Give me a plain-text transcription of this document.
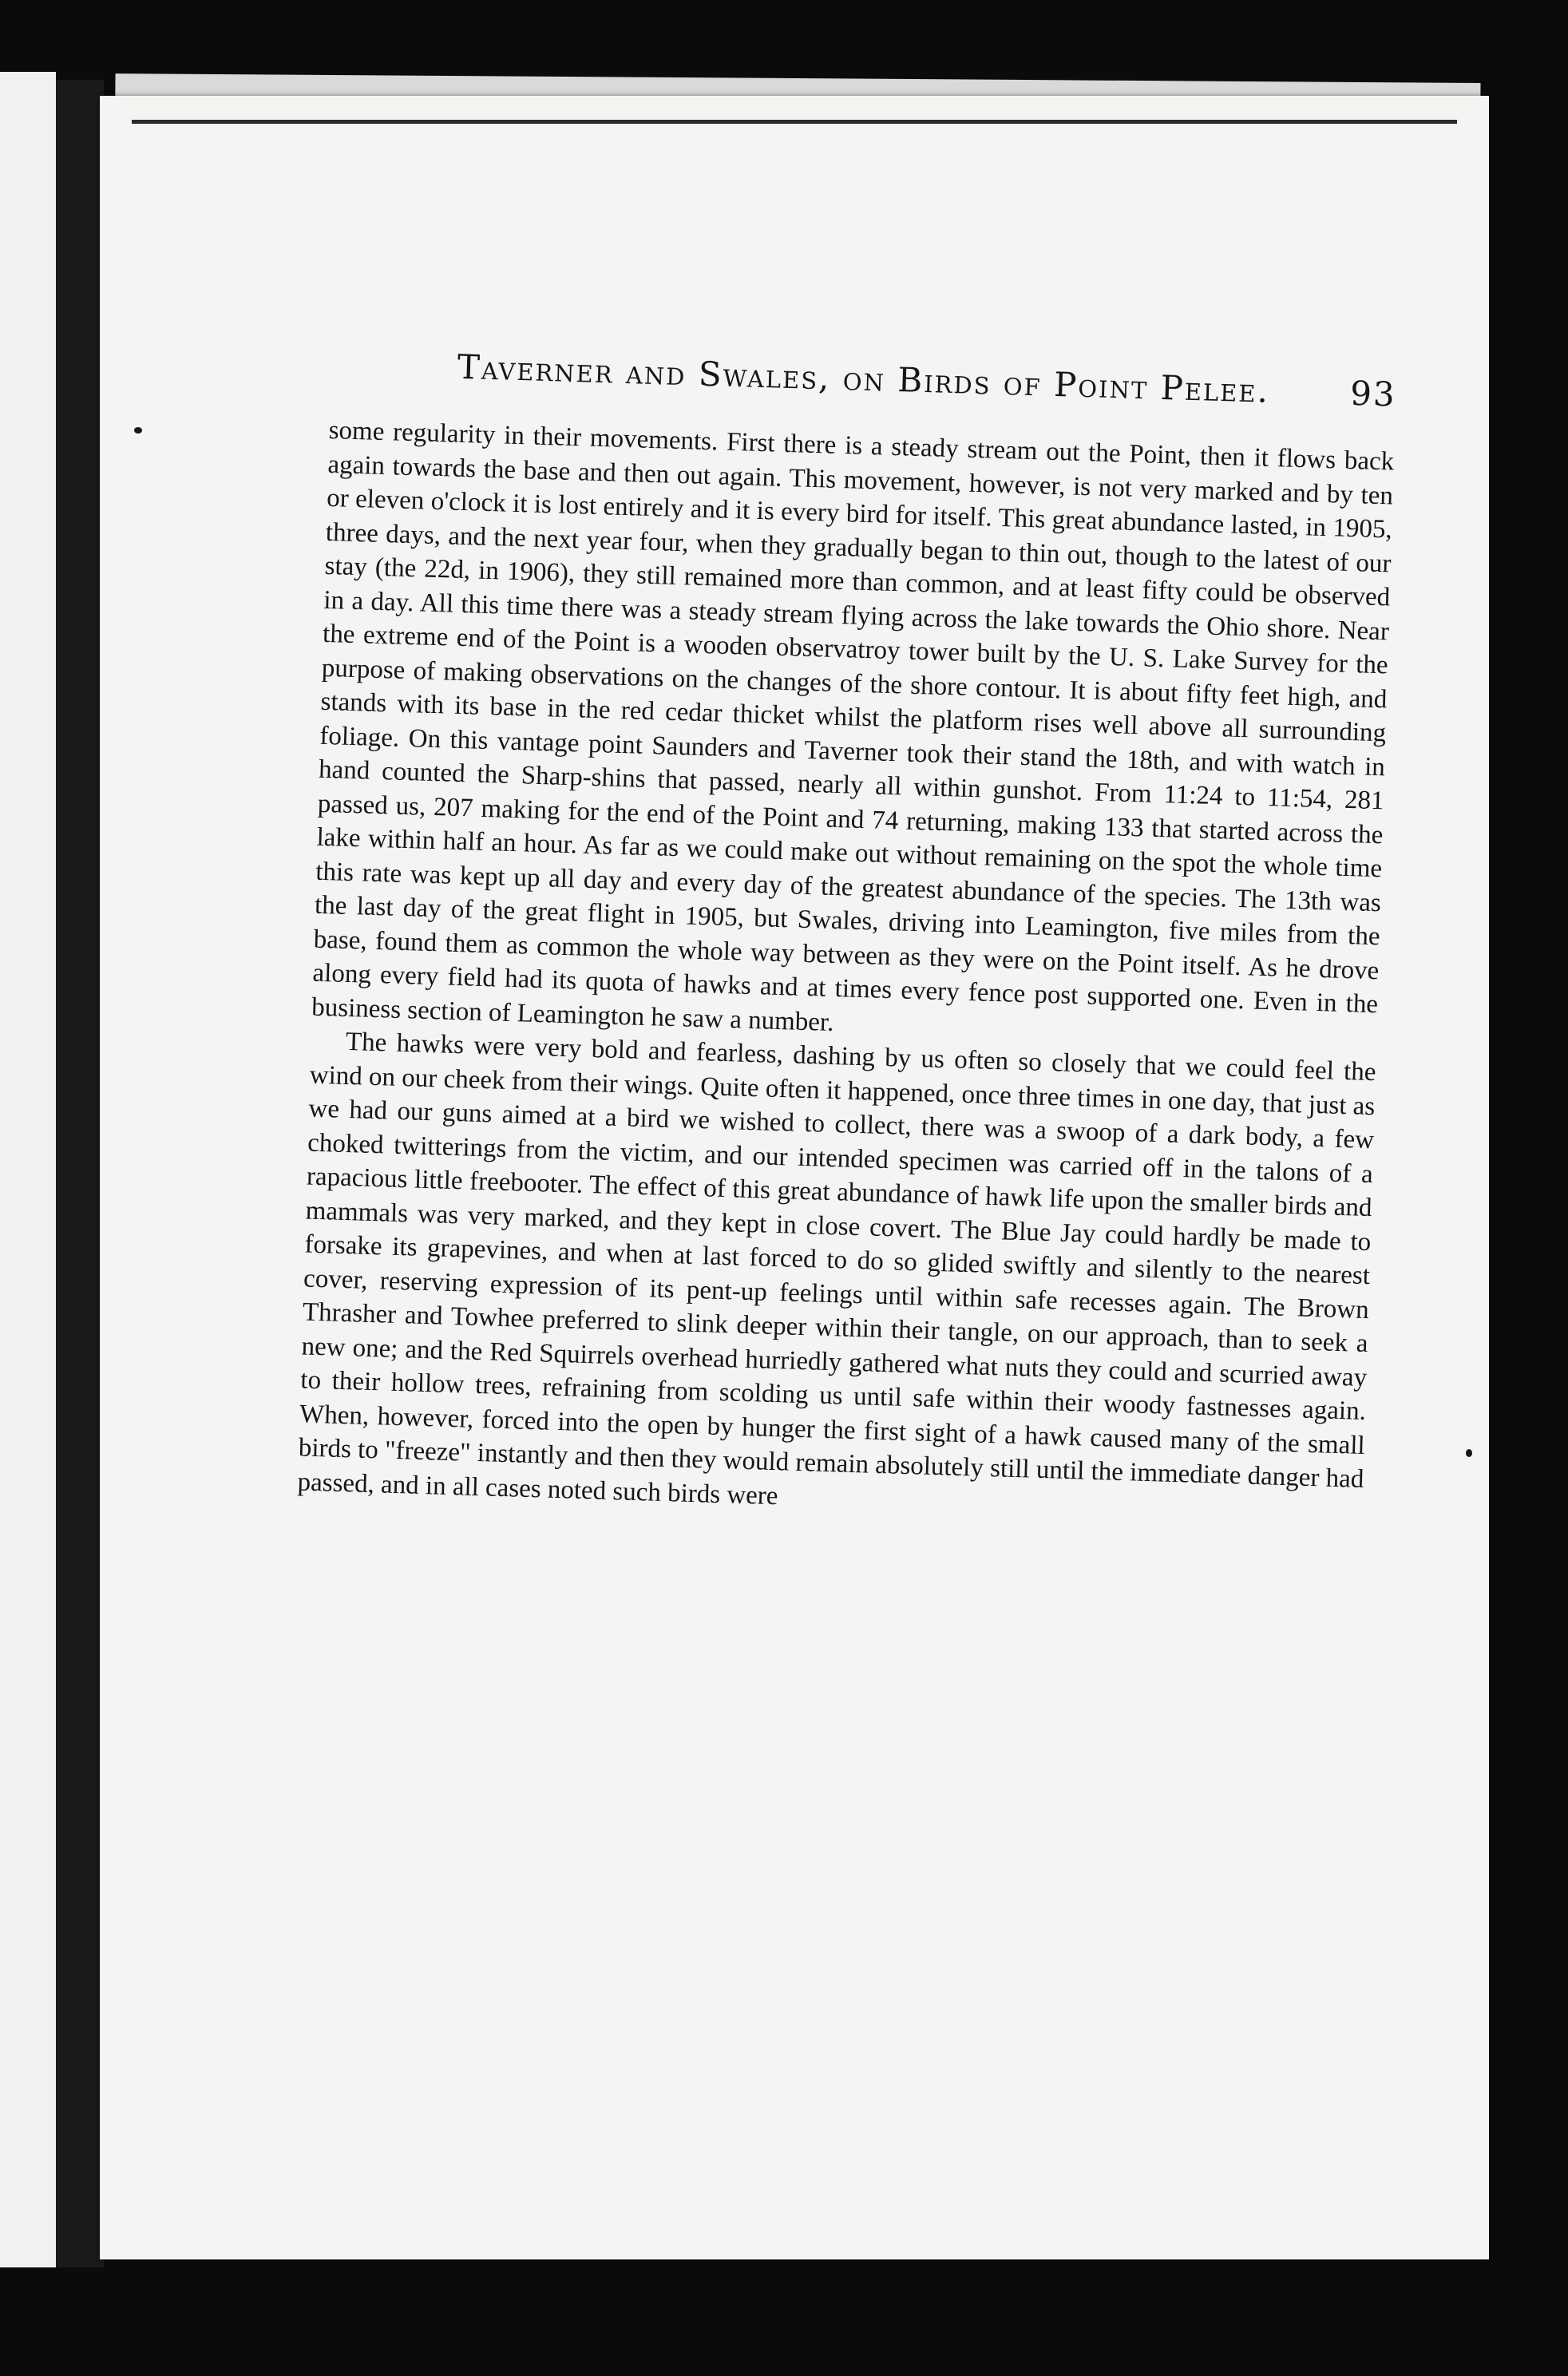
Taverner and Swales, on Birds of Point Pelee. 93

some regularity in their movements. First there is a steady stream out the Point, then it flows back again towards the base and then out again. This movement, however, is not very marked and by ten or eleven o'clock it is lost entirely and it is every bird for itself. This great abundance lasted, in 1905, three days, and the next year four, when they gradually began to thin out, though to the latest of our stay (the 22d, in 1906), they still remained more than common, and at least fifty could be observed in a day. All this time there was a steady stream flying across the lake towards the Ohio shore. Near the extreme end of the Point is a wooden observatroy tower built by the U. S. Lake Survey for the purpose of making observations on the changes of the shore contour. It is about fifty feet high, and stands with its base in the red cedar thicket whilst the platform rises well above all surrounding foliage. On this vantage point Saunders and Taverner took their stand the 18th, and with watch in hand counted the Sharp-shins that passed, nearly all within gunshot. From 11:24 to 11:54, 281 passed us, 207 making for the end of the Point and 74 returning, making 133 that started across the lake within half an hour. As far as we could make out without remaining on the spot the whole time this rate was kept up all day and every day of the greatest abundance of the species. The 13th was the last day of the great flight in 1905, but Swales, driving into Leamington, five miles from the base, found them as common the whole way between as they were on the Point itself. As he drove along every field had its quota of hawks and at times every fence post supported one. Even in the business section of Leamington he saw a number.

The hawks were very bold and fearless, dashing by us often so closely that we could feel the wind on our cheek from their wings. Quite often it happened, once three times in one day, that just as we had our guns aimed at a bird we wished to collect, there was a swoop of a dark body, a few choked twitterings from the victim, and our intended specimen was carried off in the talons of a rapacious little freebooter. The effect of this great abundance of hawk life upon the smaller birds and mammals was very marked, and they kept in close covert. The Blue Jay could hardly be made to forsake its grapevines, and when at last forced to do so glided swiftly and silently to the nearest cover, reserving expression of its pent-up feelings until within safe recesses again. The Brown Thrasher and Towhee preferred to slink deeper within their tangle, on our approach, than to seek a new one; and the Red Squirrels overhead hurriedly gathered what nuts they could and scurried away to their hollow trees, refraining from scolding us until safe within their woody fastnesses again. When, however, forced into the open by hunger the first sight of a hawk caused many of the small birds to "freeze" instantly and then they would remain absolutely still until the immediate danger had passed, and in all cases noted such birds were
